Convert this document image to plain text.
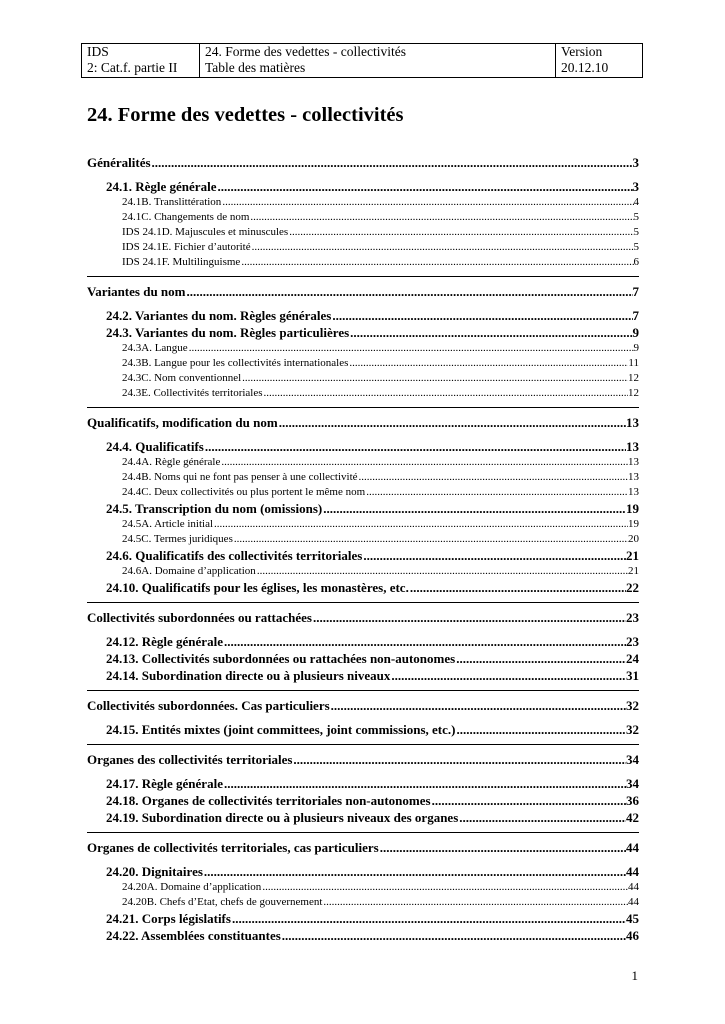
IDS
2: Cat.f. partie II

24. Forme des vedettes - collectivités
Table des matières

Version
20.12.10
24. Forme des vedettes - collectivités
Généralités .....	3
24.1. Règle générale .....	3
24.1B. Translittération .....	4
24.1C. Changements de nom .....	5
IDS 24.1D. Majuscules et minuscules .....	5
IDS 24.1E. Fichier d’autorité .....	5
IDS 24.1F. Multilinguisme .....	6
Variantes du nom .....	7
24.2. Variantes du nom. Règles générales .....	7
24.3. Variantes du nom. Règles particulières .....	9
24.3A. Langue .....	9
24.3B. Langue pour les collectivités internationales .....	11
24.3C. Nom conventionnel .....	12
24.3E. Collectivités territoriales .....	12
Qualificatifs, modification du nom .....	13
24.4. Qualificatifs .....	13
24.4A. Règle générale .....	13
24.4B. Noms qui ne font pas penser à une collectivité .....	13
24.4C. Deux collectivités ou plus portent le même nom .....	13
24.5. Transcription du nom (omissions) .....	19
24.5A. Article initial .....	19
24.5C. Termes juridiques .....	20
24.6. Qualificatifs des collectivités territoriales .....	21
24.6A. Domaine d’application .....	21
24.10. Qualificatifs pour les églises, les monastères, etc. .....	22
Collectivités subordonnées ou rattachées .....	23
24.12. Règle générale .....	23
24.13. Collectivités subordonnées ou rattachées non-autonomes .....	24
24.14. Subordination directe ou à plusieurs niveaux .....	31
Collectivités subordonnées. Cas particuliers .....	32
24.15. Entités mixtes (joint committees, joint commissions, etc.) .....	32
Organes des collectivités territoriales .....	34
24.17. Règle générale .....	34
24.18. Organes de collectivités territoriales non-autonomes .....	36
24.19. Subordination directe ou à plusieurs niveaux des organes .....	42
Organes de collectivités territoriales, cas particuliers .....	44
24.20. Dignitaires .....	44
24.20A. Domaine d’application .....	44
24.20B. Chefs d’Etat, chefs de gouvernement .....	44
24.21. Corps législatifs .....	45
24.22. Assemblées constituantes .....	46

1
